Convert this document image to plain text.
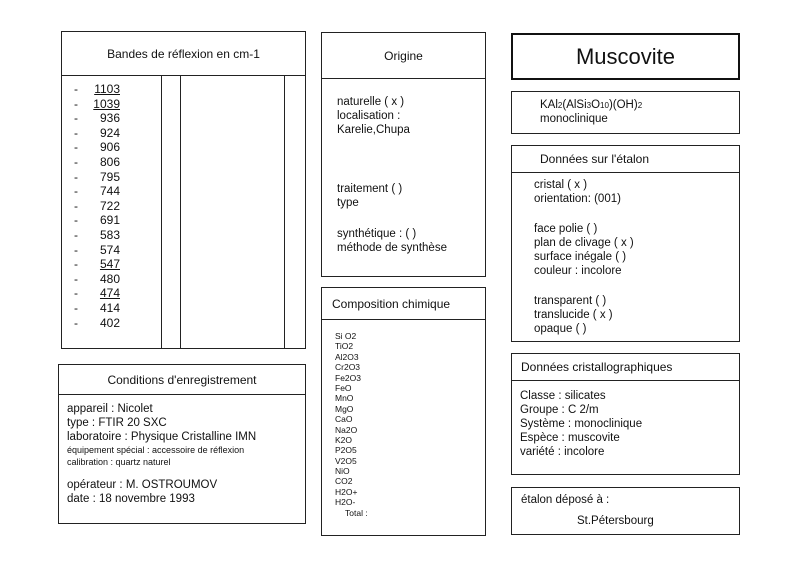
Bandes de réflexion en cm-1
-	1103
-	1039
-	936
-	924
-	906
-	806
-	795
-	744
-	722
-	691
-	583
-	574
-	547
-	480
-	474
-	414
-	402
Conditions d'enregistrement
appareil : Nicolet
type : FTIR 20 SXC
laboratoire : Physique Cristalline IMN
équipement spécial : accessoire de réflexion
calibration : quartz naturel
opérateur : M. OSTROUMOV
date : 18 novembre 1993
Origine
naturelle ( x )
localisation :
Karelie,Chupa
traitement ( )
type
synthétique : ( )
méthode de synthèse
Composition chimique
Si O2
TiO2
Al2O3
Cr2O3
Fe2O3
FeO
MnO
MgO
CaO
Na2O
K2O
P2O5
V2O5
NiO
CO2
H2O+
H2O-
Total :
Muscovite
KAl2(AlSi3O10)(OH)2
monoclinique
Données sur l'étalon
cristal ( x )
orientation: (001)
face polie ( )
plan de clivage ( x )
surface inégale ( )
couleur : incolore
transparent ( )
translucide ( x )
opaque ( )
Données cristallographiques
Classe : silicates
Groupe : C 2/m
Système : monoclinique
Espèce : muscovite
variété : incolore
étalon déposé à :
St.Pétersbourg
